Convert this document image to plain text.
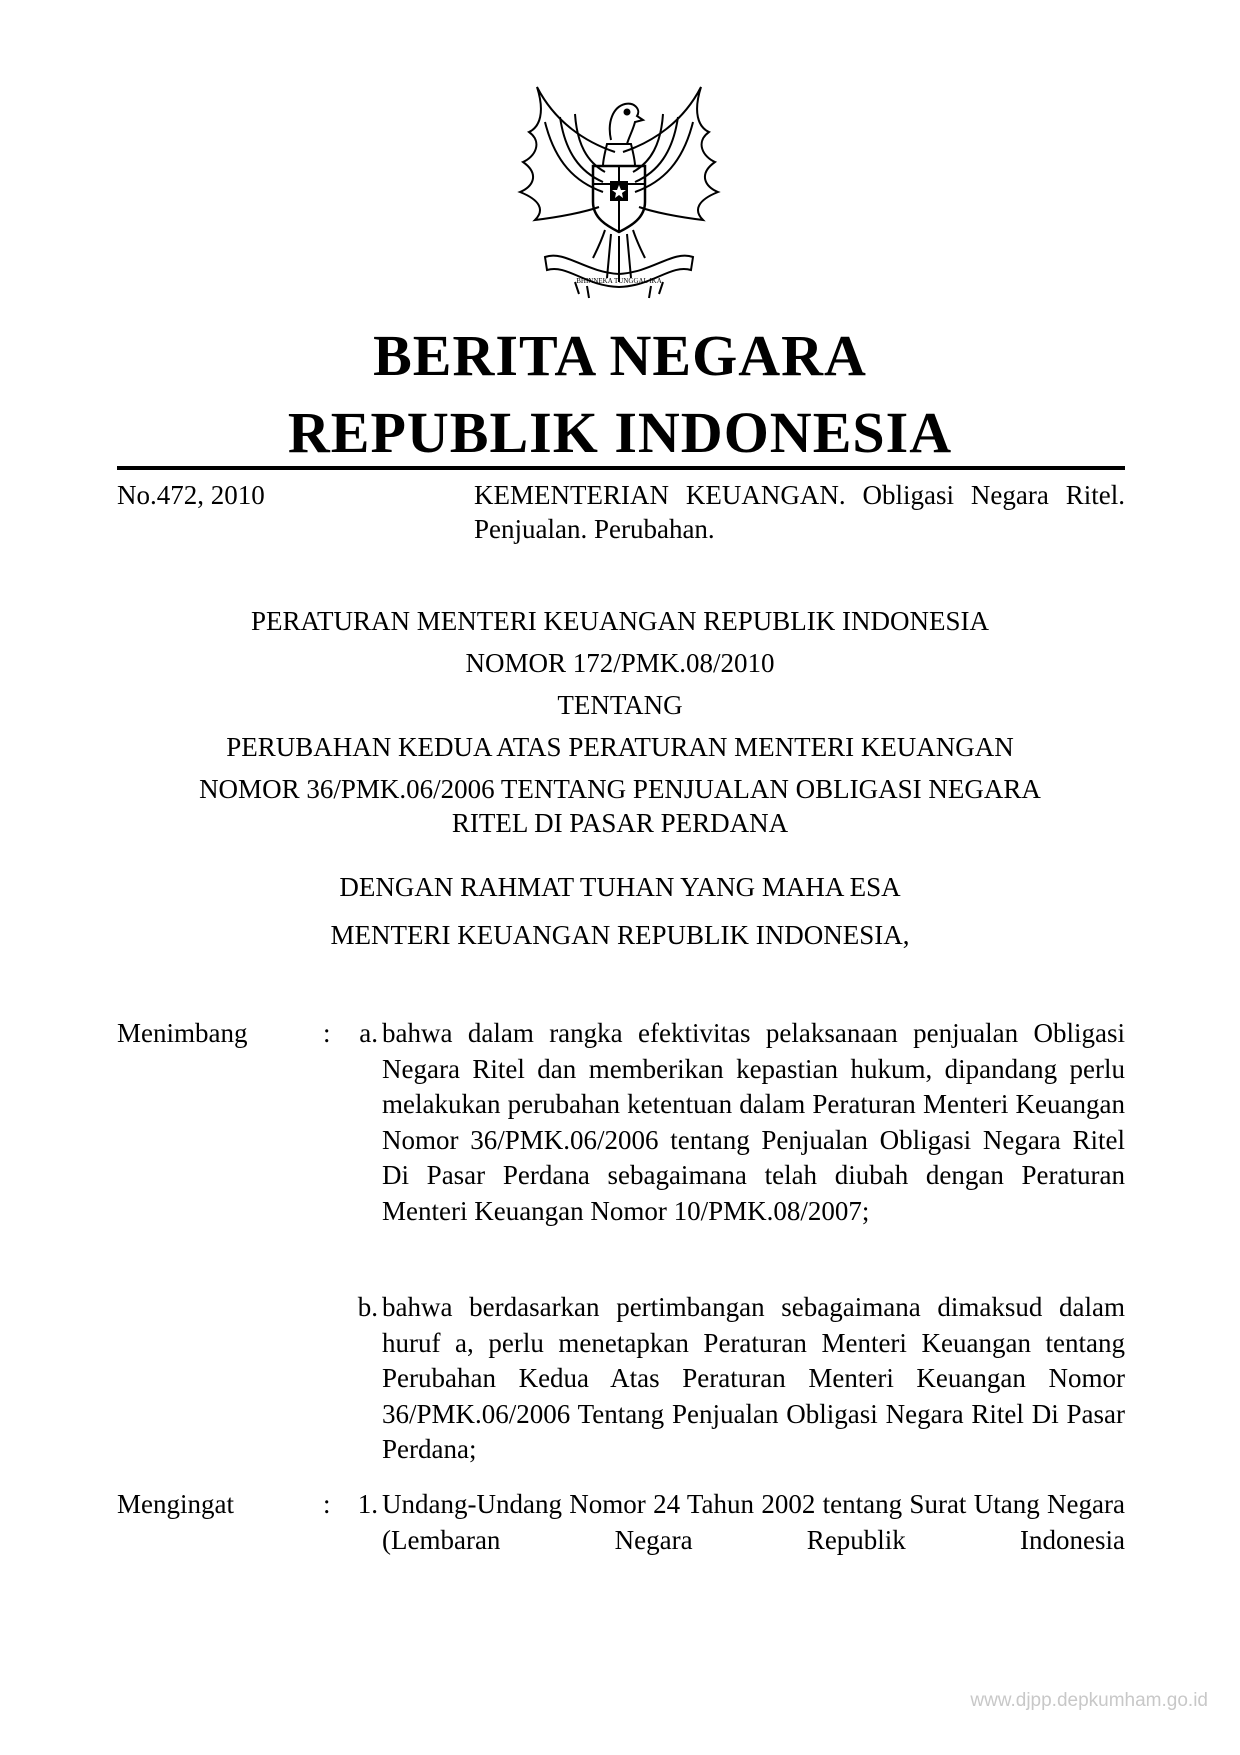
BHINNEKA TUNGGAL IKA
BERITA NEGARA
REPUBLIK INDONESIA
No.472, 2010	KEMENTERIAN KEUANGAN. Obligasi Negara Ritel. Penjualan. Perubahan.
PERATURAN MENTERI KEUANGAN REPUBLIK INDONESIA
NOMOR 172/PMK.08/2010
TENTANG
PERUBAHAN KEDUA ATAS PERATURAN MENTERI KEUANGAN
NOMOR 36/PMK.06/2006 TENTANG PENJUALAN OBLIGASI NEGARA
RITEL DI PASAR PERDANA
DENGAN RAHMAT TUHAN YANG MAHA ESA
MENTERI KEUANGAN REPUBLIK INDONESIA,
Menimbang	:	a. bahwa dalam rangka efektivitas pelaksanaan penjualan Obligasi Negara Ritel dan memberikan kepastian hukum, dipandang perlu melakukan perubahan ketentuan dalam Peraturan Menteri Keuangan Nomor 36/PMK.06/2006 tentang Penjualan Obligasi Negara Ritel Di Pasar Perdana sebagaimana telah diubah dengan Peraturan Menteri Keuangan Nomor 10/PMK.08/2007;
b. bahwa berdasarkan pertimbangan sebagaimana dimaksud dalam huruf a, perlu menetapkan Peraturan Menteri Keuangan tentang Perubahan Kedua Atas Peraturan Menteri Keuangan Nomor 36/PMK.06/2006 Tentang Penjualan Obligasi Negara Ritel Di Pasar Perdana;
Mengingat	:	1. Undang-Undang Nomor 24 Tahun 2002 tentang Surat Utang Negara (Lembaran Negara Republik Indonesia
www.djpp.depkumham.go.id
